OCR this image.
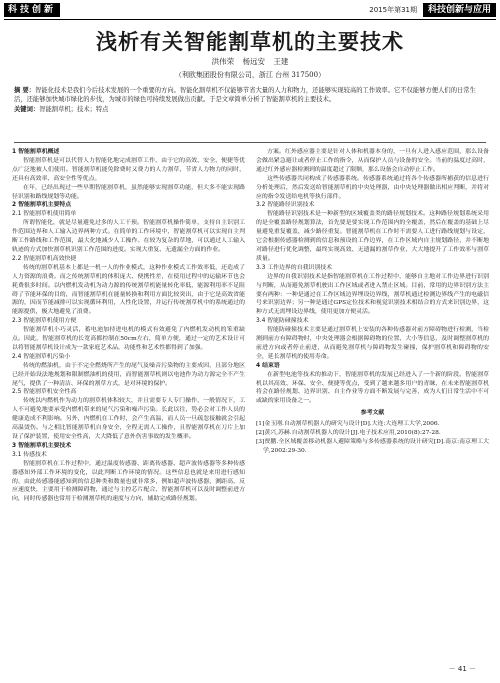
科技创新	2015年第31期	科技创新与应用
浅析有关智能割草机的主要技术
洪伟荣 杨远安 王建
（利欧集团股份有限公司，浙江 台州 317500）
摘 要：智能化技术是我们今后技术发展的一个重要的方向。智能化割草机不仅能够节省大量的人力和物力，还能够实现较高的工作效率。它不仅能够方便人们的日常生活，还能够加快城市绿化的步伐，为城市的绿色可持续发展做出贡献。于是文章简单分析了智能割草机的主要技术。
关键词：智能割草机；技术；特点

1 智能割草机概述

智能割草机是可以代替人力智能化地完成割草工作，由于它的高效、安全、便捷等优点广泛地被人们使用。智能割草机能免除费时又费力的人力割草，节省人力物力的同时，还具有高效率、高安全性等优点。

在年，已经出现过一些早期智能割草机，虽然能够实现割草功能，但大多不能实现路径识别和路线规划等功能。

2 智能割草机主要特点

2.1 智能割草机使用简单

所谓智能化，就是尽量避免过多的人工干预。智能割草机操作简单，支持自主识别工作范围边界和人工输入边界两种方式。在简单的工作环境中，智能割草机可以实现自主判断工作路线和工作范围，最大化地减少人工操作。在较为复杂的草地，可以通过人工输入轨迹的方式加快割草机识别工作范围的进度。实现大重复、无遗漏全方面的作业。

2.2 智能割草机高效快捷

传统的割草机基本上都是一机一人的作业模式，这种作业模式工作效率低，还造成了人力资源的浪费。而之传统割草机的体积庞大、便携性差，在使用过程中的运输环节也会耗费很多时间。以内燃机发动机为动力源的传统割草机能量转化率低，能源利用率不足阻碍了节能环保的目的，而智能割草机在能量转换和利用方面比较突出，由于它是高效省能源的，因而节能减排可以实现循环利用，人性化设置，并运行传统割草机中的系统通过的能源提供，极大地避免了浪费。

2.3 智能割草机使用方便

智能割草机小巧灵活，蓄电池加持进电机的模式有效避免了内燃机发动机的笨重缺点。因此，智能割草机的长宽高都控制在50cm左右，简单方便，通过一定的艺术设计可以将智能割草机设计成为一款家庭艺术品，功能性和艺术性都得到了加强。

2.4 智能割草机污染小

传统的燃油机，由于不完全燃烧所产生的尾气及噪音污染物的主要成因，且部分地区已经开始设法地规划和限制燃油机的使用，而智能割草机则以电池作为动力源完全不产生尾气，提供了一种清洁、环保的割草方式，是对环境的保护。

2.5 智能割草机安全性高

传统以内燃机作为动力的割草机体积较大，并且需要专人专门操作，一般情况下，工人不可避免地要承受内燃机带来的尾气污染和噪声污染。长此以往，势必会对工作人员的健康造成不利影响。另外，内燃机在工作时，会产生高温，而人员一旦疏忽接触就会引起高温烫伤。与之相比智能割草机自身安全，全程无需人工操作，且智能割草机在刀片上加设了保护装置，使用安全性高，大大降低了意外伤害事故的发生概率。

3 智能割草机主要技术

3.1 传感技术

智能割草机在工作过程中，通过温度传感器、距离传感器、超声波传感器等多种传感器感知外部工作环境的变化，以此判断工作环境的情况。这些信息也就是来用进行感知的，由此传感器能感知到的信息种类和数量也就非常多，例如超声波传感器，测距高，反应速度快，主要用于检测障碍物，通过与主控芯片配合，智能割草机可以及时调整前进方向，同时传感器也常用于检测割草机的速度与方向，辅助完成路径规划。

方案。红外感应器主要是针对人体和机器本身的，一旦有人进入感应范围，那么设备会做出紧急避让或者停止工作的指令，从而保护人员与设备的安全。当前的温度过高时，通过红外感应器检测到的温度超过了限额，那么设备会自动停止工作。

这些传感器共同构成了传感器系统。传感器系统通过将各个传感器所捕获的信息进行分析处理后，然后发送给智能割草机的中央处理器，由中央处理器做出相应判断，并将对应的指令发送给电机等执行部件。

3.2 智能路径识别技术

智能路径识别技术是一种新型的区域覆盖类的路径规划技术。这种路径规划系统采用的是全覆盖路径规划算法，首先要是要实现工作范围内的全覆盖，然后在覆盖的基础上尽量避免重复覆盖，减少路径重复。智能割草机在工作时不需要人工进行路线规划与设定，它会根据传感器检测到的信息和预设的工作边界，在工作区域内自主规划路径，并不断地对路径进行优化调整，最终实现高效、无遗漏的割草作业，大大地提升了工作效率与割草质量。

3.3 工作边界的自我识别技术

边界的自我识别技术是指智能割草机在工作过程中，能够自主地对工作边界进行识别与判断，从而避免割草机驶出工作区域或者进入禁止区域。目前，常用的边界识别方法主要有两种：一种是通过在工作区域边界埋设边界线，割草机通过检测边界线产生的电磁信号来识别边界；另一种是通过GPS定位技术和视觉识别技术相结合的方式来识别边界，这种方式无需埋设边界线，使用更加方便灵活。

3.4 智能防碰撞技术

智能防碰撞技术主要是通过割草机上安装的各种传感器对前方障碍物进行检测，当检测到前方有障碍物时，中央处理器会根据障碍物的位置、大小等信息，及时调整割草机的前进方向或者停止前进，从而避免割草机与障碍物发生碰撞，保护割草机和障碍物的安全，延长割草机的使用寿命。

4 结束语

在新型电池等技术的推动下，智能割草机的发展已经进入了一个新的阶段。智能割草机以其高效、环保、安全、便捷等优点，受到了越来越多用户的青睐，在未来智能割草机将会在路径规划、边界识别、自主作业等方面不断发展与完善，成为人们日常生活中不可或缺的家用设备之一。

参考文献

[1]金玉刚.自动割草机器人的研究与设计[D].大连:大连理工大学,2006.

[2]黄兴,苏赫.自动割草机器人的设计[J].电子技术应用,2010(8):27-28.

[3]贾鹏.全区域覆盖移动机器人避障策略与多传感器系统的设计研究[D].南京:南京理工大学,2002:29-30.

－ 41 －
